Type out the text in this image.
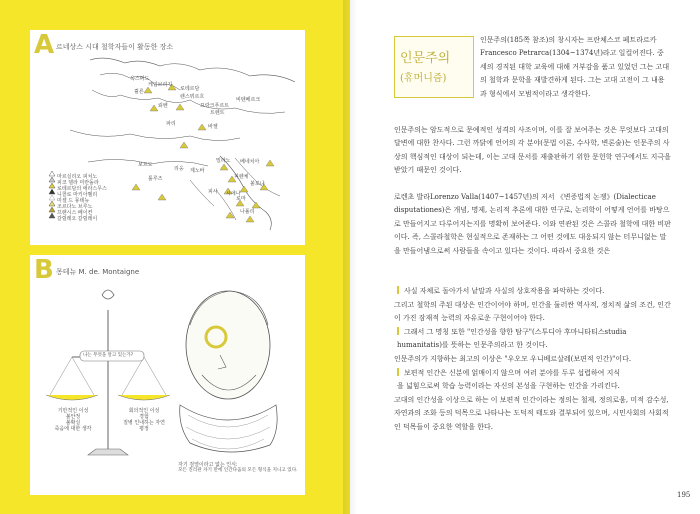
A 르네상스 시대 철학자들이 활동한 장소
옥스퍼드
케임브리지
쾰른	로테르담
뢰벤
렌스뷔르흐
바젤
트렌트
파리
프랑크푸르트
비텐베르크
보르도
툴루즈
리옹 제노바
밀라노 베네치아
피렌체
피사
볼로냐
로마
나폴리
시에나
마르실리오 피치노
피코 델라 미란돌라
로테르담의 에라스무스
니콜로 마키아벨리
미셸 드 몽테뉴
조르다노 브루노
프랜시스 베이컨
갈릴레오 갈릴레이
B 몽테뉴 M. de. Montaigne
나는 무엇을 알고 있는가?
기만적인 이성
불안정
불확실
죽음에 대한 생각
회의적인 이성
경험
질병 인내하는 자연
평정
자기 검열이라고 없는 인식:
모든 진리관 자기 만에 인간다움의 모든 형식을 지니고 있다.
인문주의
(휴머니즘)
인문주의(185쪽 참조)의 창시자는 프란체스코 페트라르카Francesco Petrarca(1304~1374년)라고 일컬어진다. 중세의 경직된 대학 교육에 대해 거부감을 품고 있었던 그는 고대의 철학과 문학을 재발견하게 된다. 그는 고대 고전이 그 내용과 형식에서 모범적이라고 생각한다.
인문주의는 암도적으로 문예적인 성격의 사조이며, 이를 잘 보여주는 것은 무엇보다 고대의 달변에 대한 찬사다. 그런 까닭에 언어의 각 분야(문법 이론, 수사학, 변론술)는 인문주의 사상의 핵심적인 대상이 되는데, 이는 고대 문서를 재출판하기 위한 문헌학 연구에서도 지극을 받았기 때문인 것이다.
로렌초 발라Lorenzo Valla(1407~1457년)의 저서 《변증법적 논쟁》(Dialecticae disputationes)은 개념, 명제, 논리적 추론에 대한 연구로, 논리학이 어떻게 언어를 바탕으로 만들어지고 다루어지는지를 명확히 보여준다. 이와 연관된 것은 스콜라 철학에 대한 비판이다. 즉, 스콜라철학은 현실적으로 존재하는 그 어떤 것에도 대응되지 않는 터무니없는 말을 만들어냄으로써 사람들을 속이고 있다는 것이다. 따라서 중요한 것은
사실 자체로 돌아가서 낱말과 사실의 상호작용을 파악하는 것이다.
그리고 철학의 주된 대상은 인간이어야 하며, 인간을 둘러싼 역사적, 정치적 삶의 조건, 인간이 가진 잠재적 능력의 자유로운 구현이어야 한다.
그래서 그 명칭 또한 "인간성을 향한 탐구"(스투디아 후마니타티스studia
humanitatis)를 뜻하는 인문주의라고 한 것이다.
인문주의가 지향하는 최고의 이상은 "우오모 우니베르살레(보편적 인간)"이다.
보편적 인간은 신분에 얽매이지 않으며 여러 분야를 두루 섭렵하여 지식
을 넓힘으로써 학습 능력이라는 자신의 본성을 구현하는 인간을 가리킨다.
고대의 인간성을 이상으로 하는 이 보편적 인간이라는 정의는 철제, 정의로움, 미적 감수성, 자연과의 조화 등의 덕목으로 나타나는 도덕적 태도와 결부되어 있으며, 시민사회의 사회적인 덕목들이 중요한 역할을 한다.
195
